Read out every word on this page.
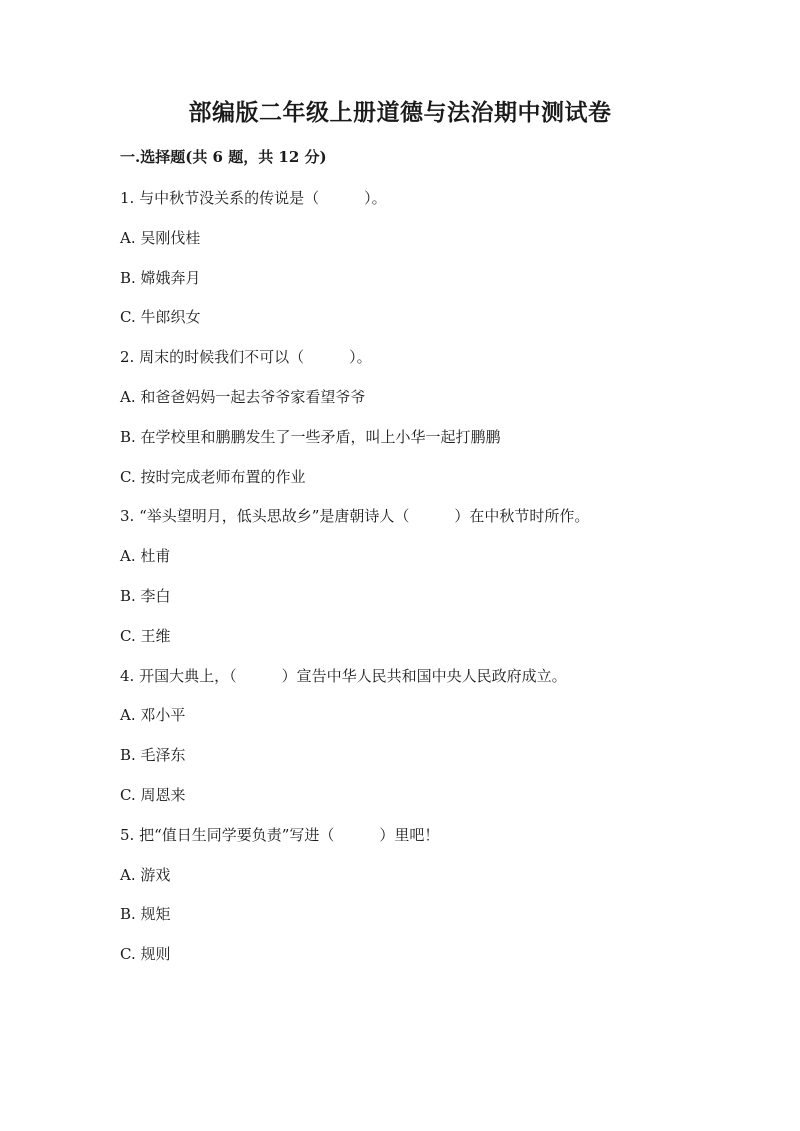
部编版二年级上册道德与法治期中测试卷
一.选择题(共 6 题，共 12 分)
1. 与中秋节没关系的传说是（　　　）。
A. 吴刚伐桂
B. 嫦娥奔月
C. 牛郎织女
2. 周末的时候我们不可以（　　　）。
A. 和爸爸妈妈一起去爷爷家看望爷爷
B. 在学校里和鹏鹏发生了一些矛盾，叫上小华一起打鹏鹏
C. 按时完成老师布置的作业
3. “举头望明月，低头思故乡”是唐朝诗人（　　　）在中秋节时所作。
A. 杜甫
B. 李白
C. 王维
4. 开国大典上，（　　　）宣告中华人民共和国中央人民政府成立。
A. 邓小平
B. 毛泽东
C. 周恩来
5. 把“值日生同学要负责”写进（　　　）里吧！
A. 游戏
B. 规矩
C. 规则
